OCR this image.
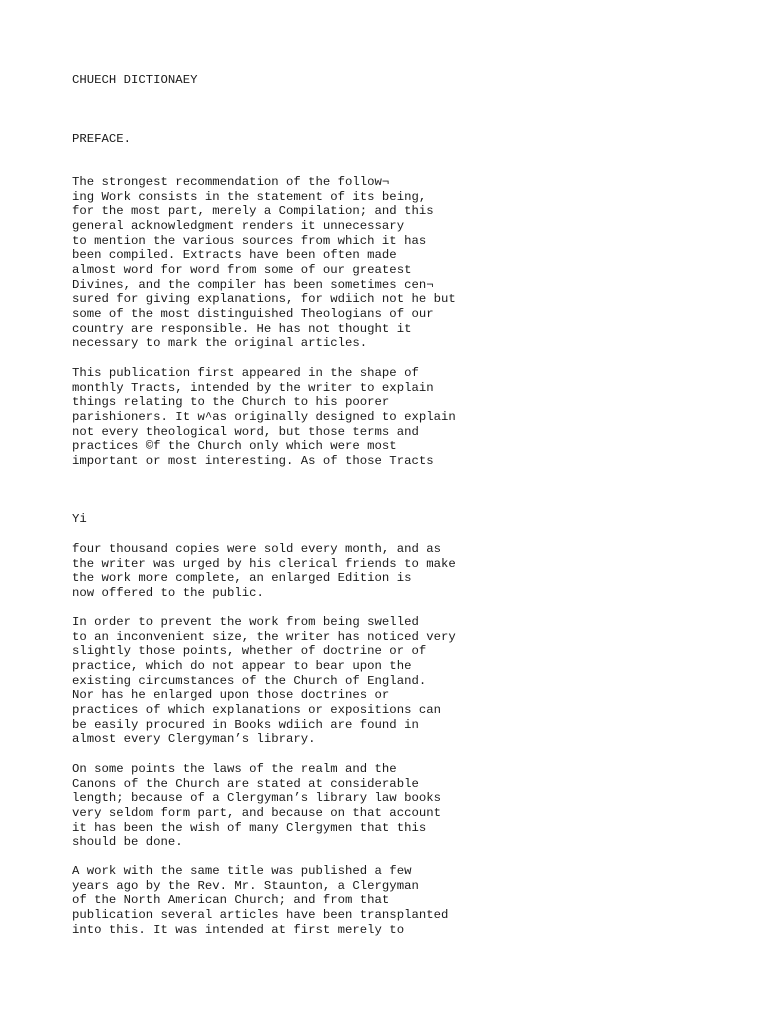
CHUECH DICTIONAEY

PREFACE.

The strongest recommendation of the follow¬
ing Work consists in the statement of its being,
for the most part, merely a Compilation; and this
general acknowledgment renders it unnecessary
to mention the various sources from which it has
been compiled. Extracts have been often made
almost word for word from some of our greatest
Divines, and the compiler has been sometimes cen¬
sured for giving explanations, for wdiich not he but
some of the most distinguished Theologians of our
country are responsible. He has not thought it
necessary to mark the original articles.

This publication first appeared in the shape of
monthly Tracts, intended by the writer to explain
things relating to the Church to his poorer
parishioners. It w^as originally designed to explain
not every theological word, but those terms and
practices ©f the Church only which were most
important or most interesting. As of those Tracts

Yi

four thousand copies were sold every month, and as
the writer was urged by his clerical friends to make
the work more complete, an enlarged Edition is
now offered to the public.

In order to prevent the work from being swelled
to an inconvenient size, the writer has noticed very
slightly those points, whether of doctrine or of
practice, which do not appear to bear upon the
existing circumstances of the Church of England.
Nor has he enlarged upon those doctrines or
practices of which explanations or expositions can
be easily procured in Books wdiich are found in
almost every Clergyman’s library.

On some points the laws of the realm and the
Canons of the Church are stated at considerable
length; because of a Clergyman’s library law books
very seldom form part, and because on that account
it has been the wish of many Clergymen that this
should be done.

A work with the same title was published a few
years ago by the Rev. Mr. Staunton, a Clergyman
of the North American Church; and from that
publication several articles have been transplanted
into this. It was intended at first merely to
